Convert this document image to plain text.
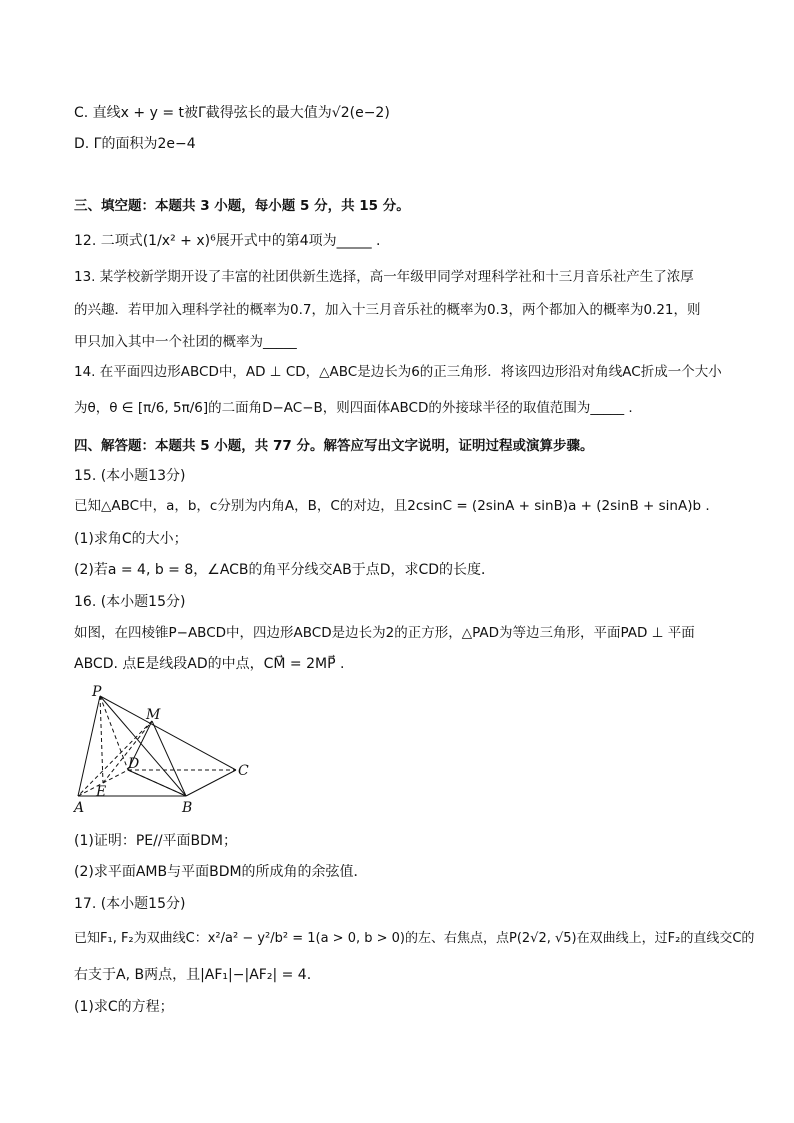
C. 直线x + y = t被Γ截得弦长的最大值为√2(e−2)
D. Γ的面积为2e−4
三、填空题：本题共 3 小题，每小题 5 分，共 15 分。
12. 二项式(1/x² + x)⁶展开式中的第4项为_____ .
13. 某学校新学期开设了丰富的社团供新生选择，高一年级甲同学对理科学社和十三月音乐社产生了浓厚
的兴趣．若甲加入理科学社的概率为0.7，加入十三月音乐社的概率为0.3，两个都加入的概率为0.21，则
甲只加入其中一个社团的概率为_____
14. 在平面四边形ABCD中，AD ⊥ CD，△ABC是边长为6的正三角形．将该四边形沿对角线AC折成一个大小
为θ，θ ∈ [π/6, 5π/6]的二面角D−AC−B，则四面体ABCD的外接球半径的取值范围为_____ .
四、解答题：本题共 5 小题，共 77 分。解答应写出文字说明，证明过程或演算步骤。
15. (本小题13分)
已知△ABC中，a，b，c分别为内角A，B，C的对边，且2csinC = (2sinA + sinB)a + (2sinB + sinA)b .
(1)求角C的大小；
(2)若a = 4, b = 8，∠ACB的角平分线交AB于点D，求CD的长度．
16. (本小题15分)
如图，在四棱锥P−ABCD中，四边形ABCD是边长为2的正方形，△PAD为等边三角形，平面PAD ⊥ 平面
ABCD. 点E是线段AD的中点，CM⃗ = 2MP⃗ .
P
M
D	C
E
A	B
(1)证明：PE//平面BDM；
(2)求平面AMB与平面BDM的所成角的余弦值．
17. (本小题15分)
已知F₁, F₂为双曲线C：x²/a² − y²/b² = 1(a > 0, b > 0)的左、右焦点，点P(2√2, √5)在双曲线上，过F₂的直线交C的
右支于A, B两点，且|AF₁|−|AF₂| = 4.
(1)求C的方程；
